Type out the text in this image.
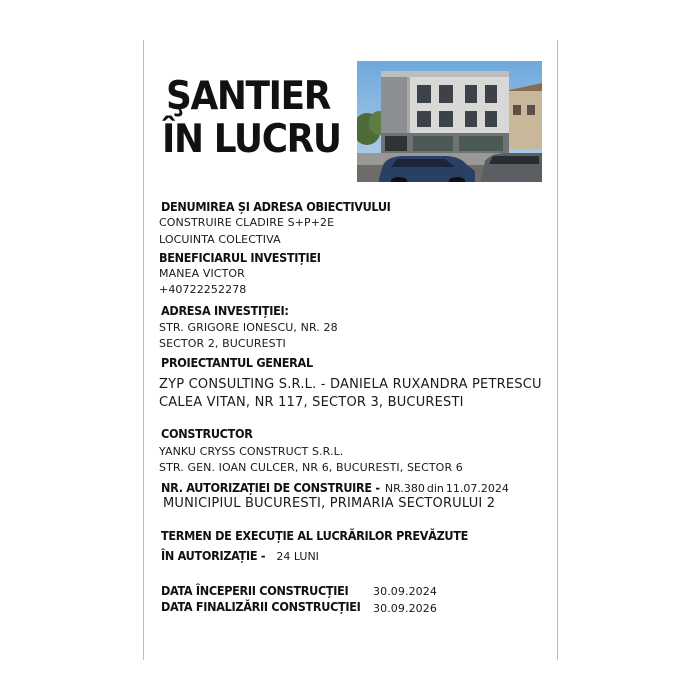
ŞANTIER
ÎN LUCRU
DENUMIREA ȘI ADRESA OBIECTIVULUI
CONSTRUIRE CLADIRE S+P+2E
LOCUINTA COLECTIVA
BENEFICIARUL INVESTIȚIEI
MANEA VICTOR
+40722252278
ADRESA INVESTIȚIEI:
STR. GRIGORE IONESCU, NR. 28
SECTOR 2, BUCURESTI
PROIECTANTUL GENERAL
ZYP CONSULTING S.R.L. - DANIELA RUXANDRA PETRESCU
CALEA VITAN, NR 117, SECTOR 3, BUCURESTI
CONSTRUCTOR
YANKU CRYSS CONSTRUCT S.R.L.
STR. GEN. IOAN CULCER, NR 6, BUCURESTI, SECTOR 6
NR. AUTORIZAȚIEI DE CONSTRUIRE - NR.380 din 11.07.2024
MUNICIPIUL BUCURESTI, PRIMARIA SECTORULUI 2
TERMEN DE EXECUȚIE AL LUCRĂRILOR PREVĂZUTE
ÎN AUTORIZAȚIE - 24 LUNI
DATA ÎNCEPERII CONSTRUCȚIEI 30.09.2024
DATA FINALIZĂRII CONSTRUCȚIEI 30.09.2026
